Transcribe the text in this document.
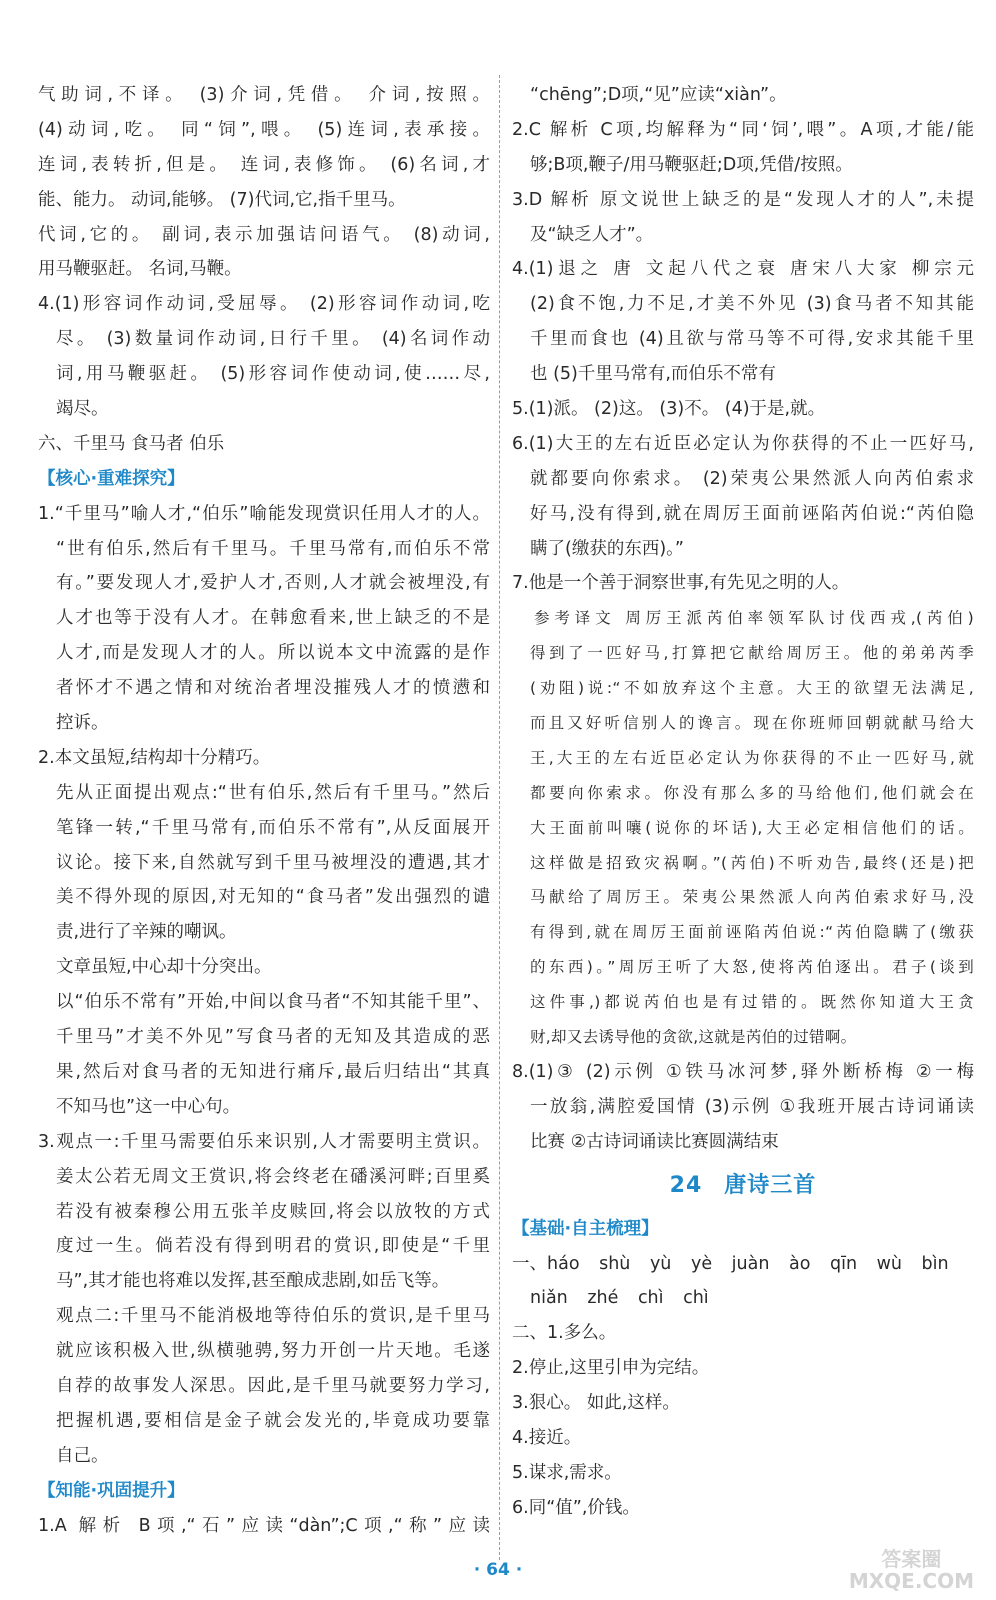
气助词,不译。 (3)介词,凭借。 介词,按照。
(4)动词,吃。 同“饲”,喂。 (5)连词,表承接。
连词,表转折,但是。 连词,表修饰。 (6)名词,才
能、能力。 动词,能够。 (7)代词,它,指千里马。
代词,它的。 副词,表示加强诘问语气。 (8)动词,
用马鞭驱赶。 名词,马鞭。
4.(1)形容词作动词,受屈辱。 (2)形容词作动词,吃
尽。 (3)数量词作动词,日行千里。 (4)名词作动
词,用马鞭驱赶。 (5)形容词作使动词,使……尽,
竭尽。
六、千里马 食马者 伯乐
【核心·重难探究】
1.“千里马”喻人才,“伯乐”喻能发现赏识任用人才的人。
“世有伯乐,然后有千里马。千里马常有,而伯乐不常
有。”要发现人才,爱护人才,否则,人才就会被埋没,有
人才也等于没有人才。在韩愈看来,世上缺乏的不是
人才,而是发现人才的人。所以说本文中流露的是作
者怀才不遇之情和对统治者埋没摧残人才的愤懑和
控诉。
2.本文虽短,结构却十分精巧。
先从正面提出观点:“世有伯乐,然后有千里马。”然后
笔锋一转,“千里马常有,而伯乐不常有”,从反面展开
议论。接下来,自然就写到千里马被埋没的遭遇,其才
美不得外现的原因,对无知的“食马者”发出强烈的谴
责,进行了辛辣的嘲讽。
文章虽短,中心却十分突出。
以“伯乐不常有”开始,中间以食马者“不知其能千里”、
千里马”才美不外见”写食马者的无知及其造成的恶
果,然后对食马者的无知进行痛斥,最后归结出“其真
不知马也”这一中心句。
3.观点一:千里马需要伯乐来识别,人才需要明主赏识。
姜太公若无周文王赏识,将会终老在磻溪河畔;百里奚
若没有被秦穆公用五张羊皮赎回,将会以放牧的方式
度过一生。倘若没有得到明君的赏识,即使是“千里
马”,其才能也将难以发挥,甚至酿成悲剧,如岳飞等。
观点二:千里马不能消极地等待伯乐的赏识,是千里马
就应该积极入世,纵横驰骋,努力开创一片天地。毛遂
自荐的故事发人深思。因此,是千里马就要努力学习,
把握机遇,要相信是金子就会发光的,毕竟成功要靠
自己。
【知能·巩固提升】
1.A 解析 B项,“石”应读“dàn”;C项,“称”应读
“chēng”;D项,“见”应读“xiàn”。
2.C 解析 C项,均解释为“同‘饲’,喂”。A项,才能/能
够;B项,鞭子/用马鞭驱赶;D项,凭借/按照。
3.D 解析 原文说世上缺乏的是“发现人才的人”,未提
及“缺乏人才”。
4.(1)退之 唐 文起八代之衰 唐宋八大家 柳宗元
(2)食不饱,力不足,才美不外见 (3)食马者不知其能
千里而食也 (4)且欲与常马等不可得,安求其能千里
也 (5)千里马常有,而伯乐不常有
5.(1)派。 (2)这。 (3)不。 (4)于是,就。
6.(1)大王的左右近臣必定认为你获得的不止一匹好马,
就都要向你索求。 (2)荣夷公果然派人向芮伯索求
好马,没有得到,就在周厉王面前诬陷芮伯说:“芮伯隐
瞒了(缴获的东西)。”
7.他是一个善于洞察世事,有先见之明的人。
参考译文 周厉王派芮伯率领军队讨伐西戎,(芮伯)
得到了一匹好马,打算把它献给周厉王。他的弟弟芮季
(劝阻)说:“不如放弃这个主意。大王的欲望无法满足,
而且又好听信别人的谗言。现在你班师回朝就献马给大
王,大王的左右近臣必定认为你获得的不止一匹好马,就
都要向你索求。你没有那么多的马给他们,他们就会在
大王面前叫嚷(说你的坏话),大王必定相信他们的话。
这样做是招致灾祸啊。”(芮伯)不听劝告,最终(还是)把
马献给了周厉王。荣夷公果然派人向芮伯索求好马,没
有得到,就在周厉王面前诬陷芮伯说:“芮伯隐瞒了(缴获
的东西)。”周厉王听了大怒,使将芮伯逐出。君子(谈到
这件事,)都说芮伯也是有过错的。既然你知道大王贪
财,却又去诱导他的贪欲,这就是芮伯的过错啊。
8.(1)③ (2)示例 ①铁马冰河梦,驿外断桥梅 ②一梅
一放翁,满腔爱国情 (3)示例 ①我班开展古诗词诵读
比赛 ②古诗词诵读比赛圆满结束
24 唐诗三首
【基础·自主梳理】
一、háo shù yù yè juàn ào qīn wù bìn
niǎn zhé chì chì
二、1.多么。
2.停止,这里引申为完结。
3.狠心。 如此,这样。
4.接近。
5.谋求,需求。
6.同“值”,价钱。
· 64 ·	答案圈
MXQE.COM
